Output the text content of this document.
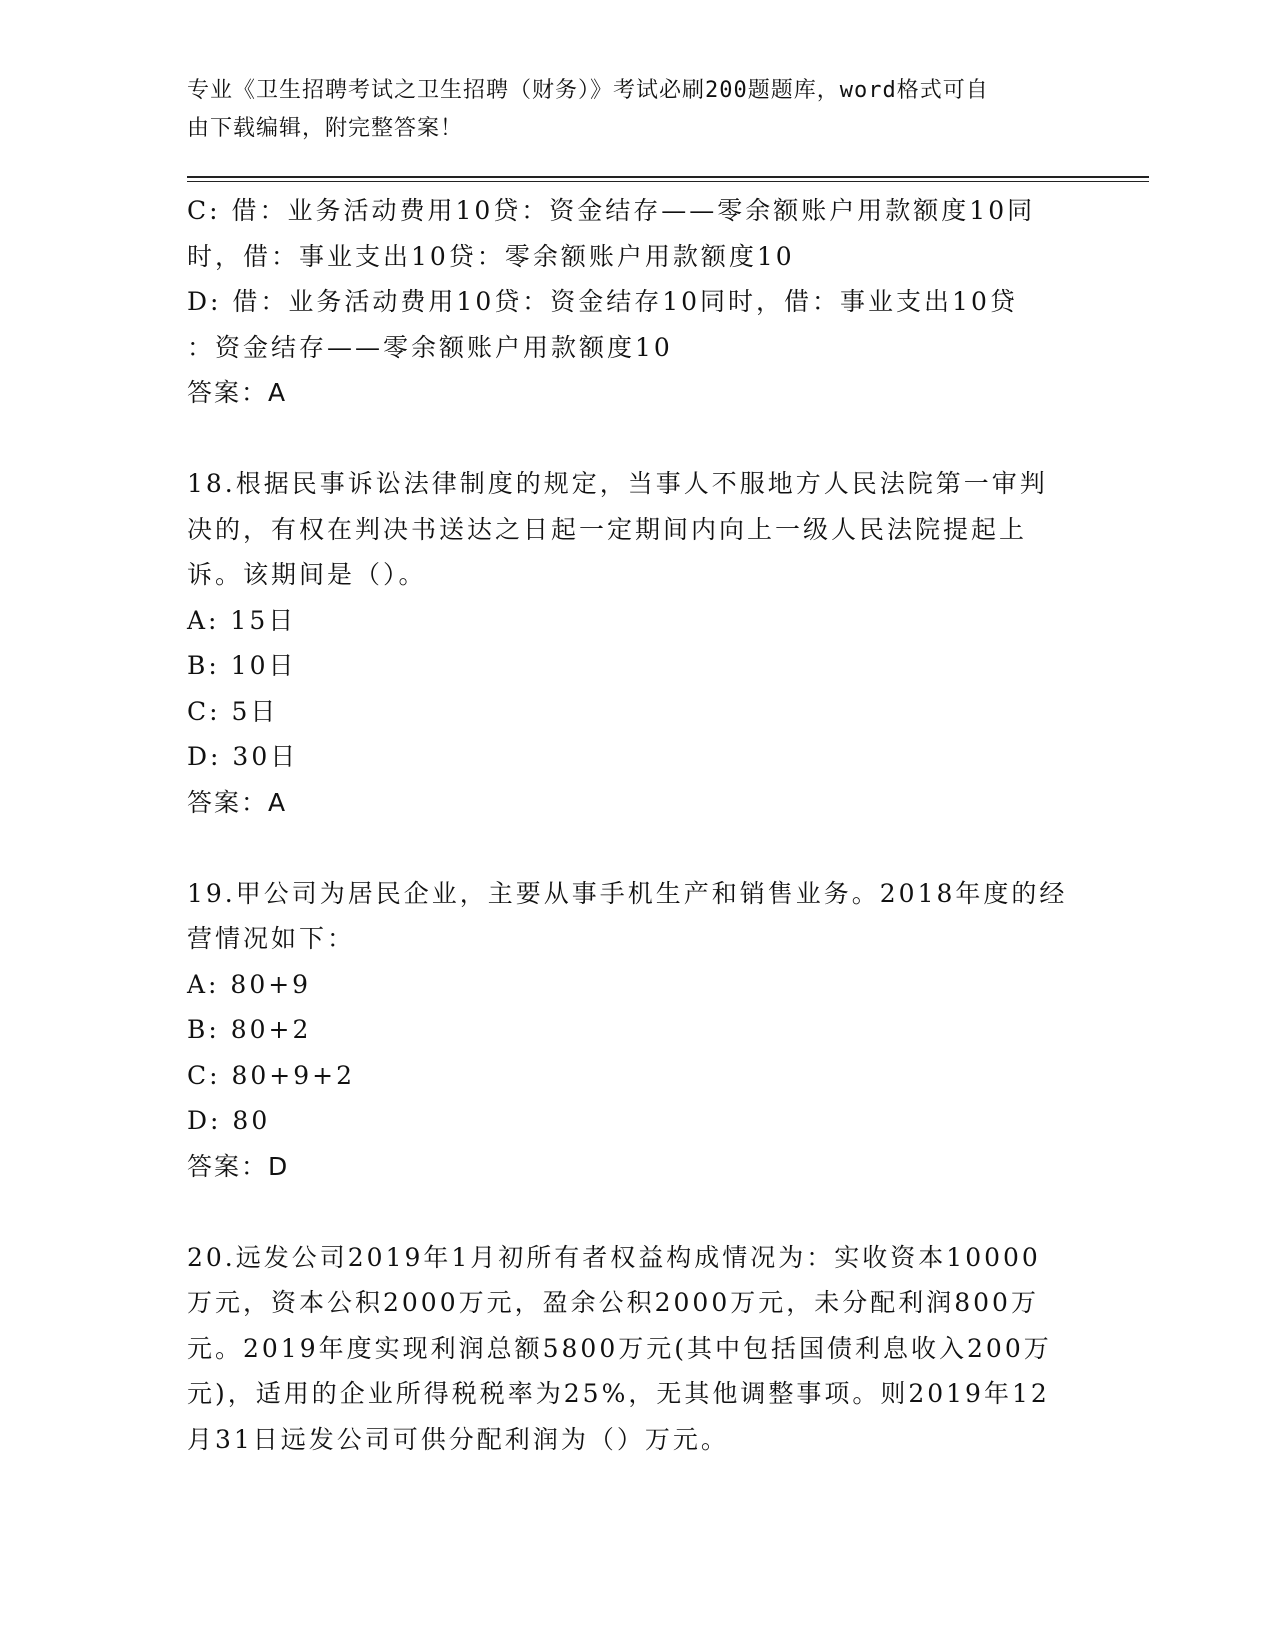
专业《卫生招聘考试之卫生招聘（财务）》考试必刷200题题库，word格式可自
由下载编辑，附完整答案！
C: 借：业务活动费用10贷：资金结存——零余额账户用款额度10同
时，借：事业支出10贷：零余额账户用款额度10
D: 借：业务活动费用10贷：资金结存10同时，借：事业支出10贷
：资金结存——零余额账户用款额度10
答案：A
18.根据民事诉讼法律制度的规定，当事人不服地方人民法院第一审判
决的，有权在判决书送达之日起一定期间内向上一级人民法院提起上
诉。该期间是（）。
A: 15日
B: 10日
C: 5日
D: 30日
答案：A
19.甲公司为居民企业，主要从事手机生产和销售业务。2018年度的经
营情况如下：
A: 80+9
B: 80+2
C: 80+9+2
D: 80
答案：D
20.远发公司2019年1月初所有者权益构成情况为：实收资本10000
万元，资本公积2000万元，盈余公积2000万元，未分配利润800万
元。2019年度实现利润总额5800万元(其中包括国债利息收入200万
元)，适用的企业所得税税率为25%，无其他调整事项。则2019年12
月31日远发公司可供分配利润为（）万元。
